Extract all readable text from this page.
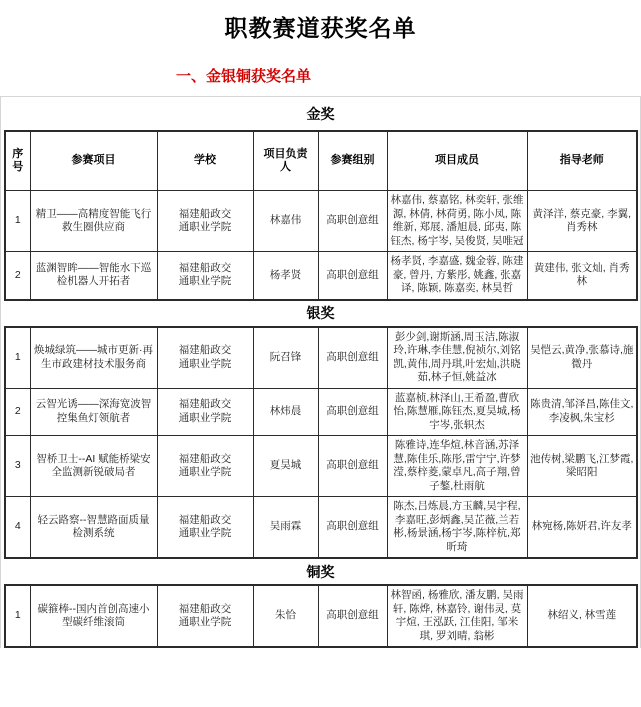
职教赛道获奖名单
一、金银铜获奖名单
金奖
序号	参赛项目	学校	项目负责人	参赛组别	项目成员	指导老师
1	精卫——高精度智能飞行救生圈供应商	福建船政交通职业学院	林嘉伟	高职创意组	林嘉伟, 蔡嘉铭, 林奕轩, 张维源, 林倩, 林荷勇, 陈小凤, 陈维新, 郑展, 潘旭晨, 邱夷, 陈钰杰, 杨宇岑, 吴俊贤, 吴唯冠	黄泽洋, 蔡克豪, 李翼, 肖秀林
2	蓝渊智眸——智能水下巡检机器人开拓者	福建船政交通职业学院	杨孝贤	高职创意组	杨孝贤, 李嘉盛, 魏金蓉, 陈建豪, 曾丹, 方紫彤, 姚鑫, 张嘉译, 陈颖, 陈嘉奕, 林昊哲	黄建伟, 张文灿, 肖秀林
银奖
1	焕城绿筑——城市更新·再生市政建材技术服务商	福建船政交通职业学院	阮召锋	高职创意组	彭少剑,谢斯涵,周玉洁,陈淑玲,许琳,李佳慧,倪祯尔,刘铭凯,黄伟,周丹琪,叶宏灿,洪晓茹,林子恒,姚益冰	吴恺云,黄净,张慕诗,施微丹
2	云智光诱——深海宽波智控集鱼灯领航者	福建船政交通职业学院	林炜晨	高职创意组	蓝嘉桢,林泽山,王希盈,曹欣怡,陈慧雁,陈钰杰,夏昊城,杨宇岑,张轵杰	陈贵清,邹泽昌,陈佳文,李凌枫,朱宝杉
3	智桥卫士--AI 赋能桥梁安全监测新锐破局者	福建船政交通职业学院	夏昊城	高职创意组	陈雅诗,连华煊,林音涵,苏泽慧,陈佳乐,陈彤,雷宁宁,许梦滢,蔡梓菱,蒙卓凡,高子翔,曾子鏊,杜雨航	池传树,梁鹏飞,江梦霞,梁昭阳
4	轻云路察--智慧路面质量检测系统	福建船政交通职业学院	吴雨霖	高职创意组	陈杰,吕炼晨,方玉麟,吴宇程,李嘉旺,彭炳鑫,吴芷薇,兰若彬,杨景涵,杨宇岑,陈梓杭,郑昕琦	林宛杨,陈妍君,许友孝
铜奖
1	碳箍棒--国内首创高速小型碳纤维滚筒	福建船政交通职业学院	朱恰	高职创意组	林智函, 杨雅欣, 潘友鹏, 吴雨轩, 陈烨, 林嘉铃, 谢伟灵, 莫宇煊, 王泓跃, 江佳阳, 邹米琪, 罗刘晴, 翁彬	林绍义, 林雪莲
